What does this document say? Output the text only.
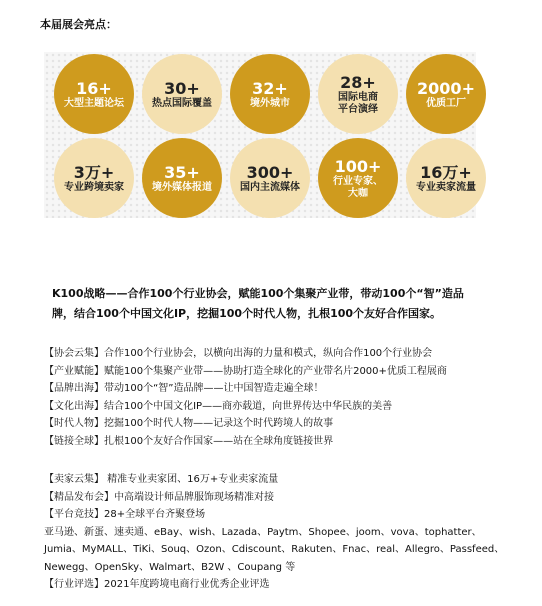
本届展会亮点：
16+
大型主题论坛
30+
热点国际覆盖
32+
境外城市
28+
国际电商
平台演绎
2000+
优质工厂
3万+
专业跨境卖家
35+
境外媒体报道
300+
国内主流媒体
100+
行业专家、
大咖
16万+
专业卖家流量
K100战略——合作100个行业协会，赋能100个集聚产业带，带动100个“智”造品
牌，结合100个中国文化IP，挖掘100个时代人物，扎根100个友好合作国家。
【协会云集】合作100个行业协会，以横向出海的力量和模式，纵向合作100个行业协会
【产业赋能】赋能100个集聚产业带——协助打造全球化的产业带名片2000+优质工程展商
【品牌出海】带动100个“智”造品牌——让中国智造走遍全球！
【文化出海】结合100个中国文化IP——商亦载道，向世界传达中华民族的美善
【时代人物】挖掘100个时代人物——记录这个时代跨境人的故事
【链接全球】扎根100个友好合作国家——站在全球角度链接世界
【卖家云集】 精准专业卖家团、16万+专业卖家流量
【精品发布会】中高端设计师品牌服饰现场精准对接
【平台竞技】28+全球平台齐聚登场
亚马逊、新蛋、速卖通、eBay、wish、Lazada、Paytm、Shopee、joom、vova、tophatter、Jumia、MyMALL、TiKi、Souq、Ozon、Cdiscount、Rakuten、Fnac、real、Allegro、Passfeed、Newegg、OpenSky、Walmart、B2W 、Coupang 等
【行业评选】2021年度跨境电商行业优秀企业评选
